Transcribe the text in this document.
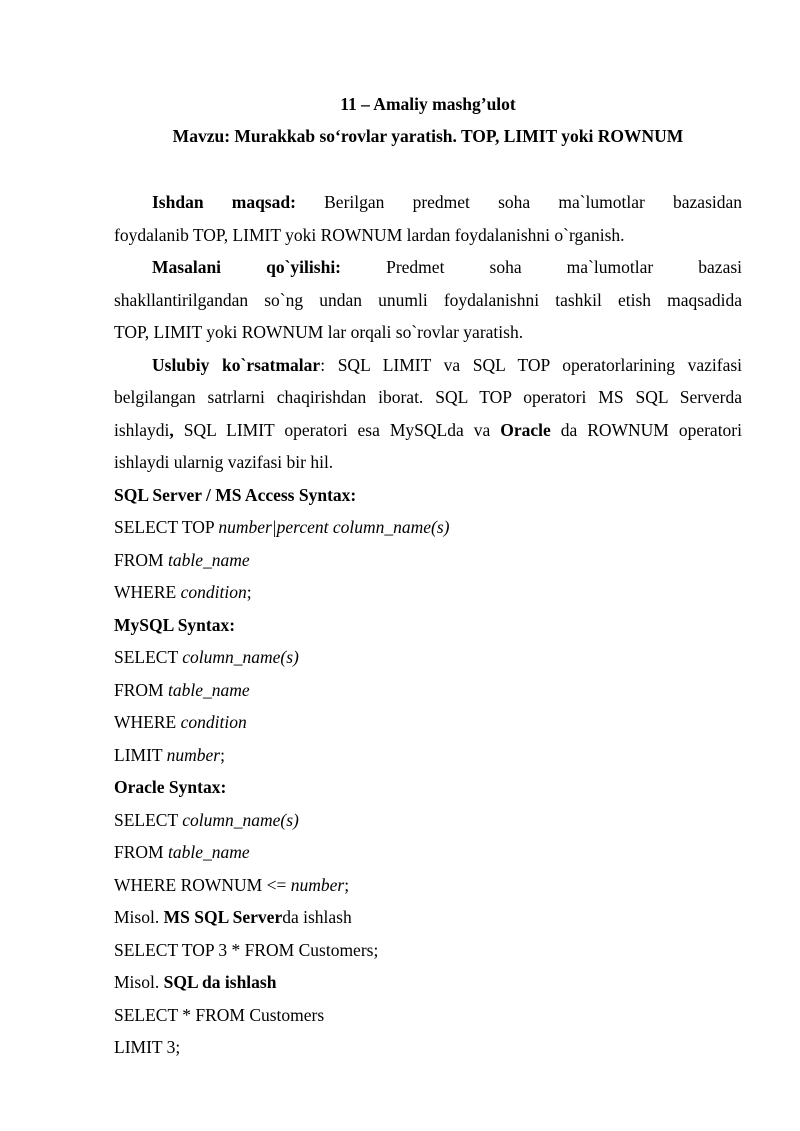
11 – Amaliy mashg’ulot
Mavzu: Murakkab so‘rovlar yaratish. TOP, LIMIT yoki ROWNUM
Ishdan maqsad: Berilgan predmet soha ma`lumotlar bazasidan
foydalanib TOP, LIMIT yoki ROWNUM lardan foydalanishni o`rganish.
Masalani qo`yilishi:	Predmet soha ma`lumotlar bazasi
shakllantirilgandan so`ng undan unumli foydalanishni tashkil etish maqsadida
TOP, LIMIT yoki ROWNUM lar orqali so`rovlar yaratish.
Uslubiy ko`rsatmalar: SQL LIMIT va SQL TOP operatorlarining vazifasi
belgilangan satrlarni chaqirishdan iborat. SQL TOP operatori MS SQL Serverda
ishlaydi, SQL LIMIT operatori esa MySQLda va Oracle da ROWNUM operatori
ishlaydi ularnig vazifasi bir hil.
SQL Server / MS Access Syntax:
SELECT TOP number|percent column_name(s)
FROM table_name
WHERE condition;
MySQL Syntax:
SELECT column_name(s)
FROM table_name
WHERE condition
LIMIT number;
Oracle Syntax:
SELECT column_name(s)
FROM table_name
WHERE ROWNUM <= number;
Misol. MS SQL Serverda ishlash
SELECT TOP 3 * FROM Customers;
Misol. SQL da ishlash
SELECT * FROM Customers
LIMIT 3;
